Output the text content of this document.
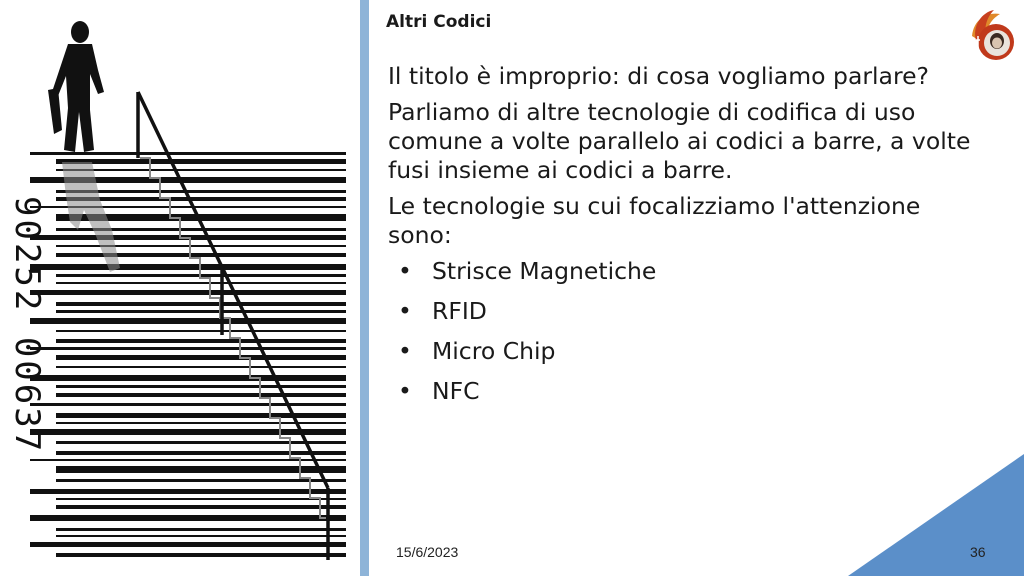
90252 00637
Altri Codici

Il titolo è improprio: di cosa vogliamo parlare?

Parliamo di altre tecnologie di codifica di uso comune a volte parallelo ai codici a barre, a volte fusi insieme ai codici a barre.

Le tecnologie su cui focalizziamo l'attenzione sono:

• Strisce Magnetiche
• RFID
• Micro Chip
• NFC
15/6/2023	36
